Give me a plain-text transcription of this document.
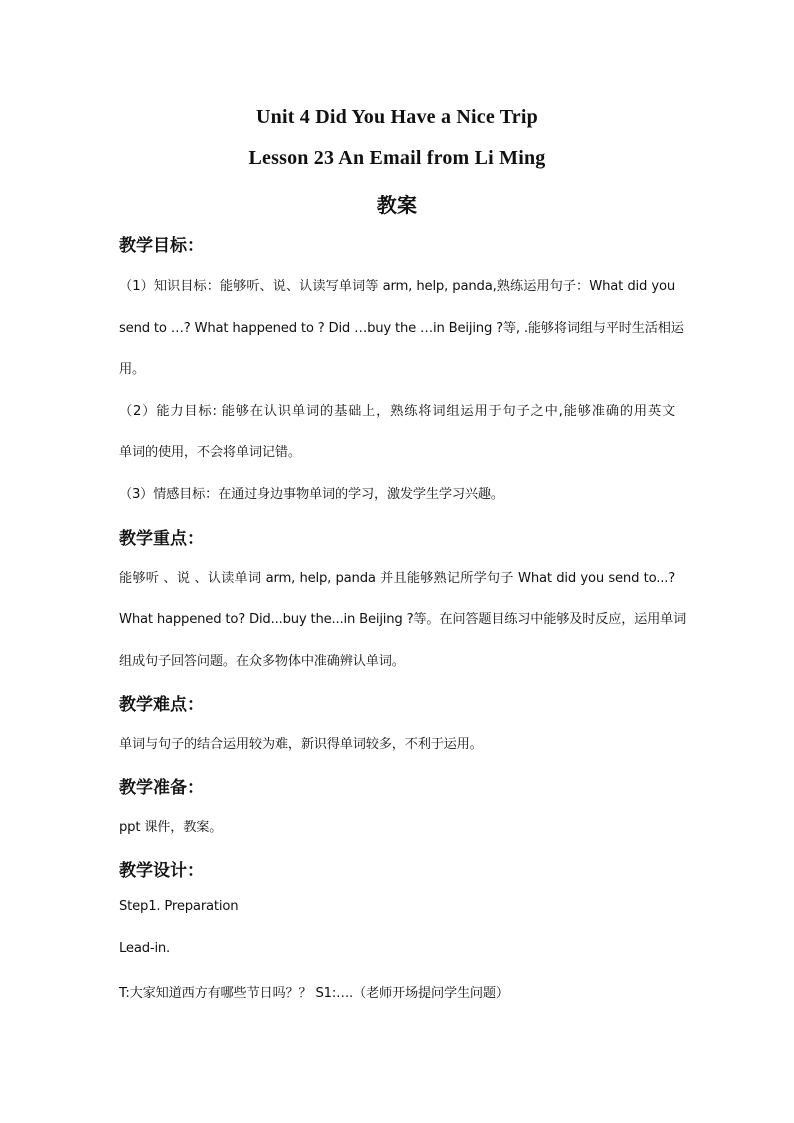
Unit 4 Did You Have a Nice Trip
Lesson 23 An Email from Li Ming
教案
教学目标：
（1）知识目标：能够听、说、认读写单词等 arm, help, panda,熟练运用句子：What did you
send to …? What happened to ? Did …buy the …in Beijing ?等, .能够将词组与平时生活相运
用。
（2）能力目标: 能够在认识单词的基础上，熟练将词组运用于句子之中,能够准确的用英文
单词的使用，不会将单词记错。
（3）情感目标：在通过身边事物单词的学习，激发学生学习兴趣。
教学重点：
能够听 、说 、认读单词 arm, help, panda 并且能够熟记所学句子 What did you send to...?
What happened to? Did...buy the...in Beijing ?等。在问答题目练习中能够及时反应，运用单词
组成句子回答问题。在众多物体中准确辨认单词。
教学难点：
单词与句子的结合运用较为难，新识得单词较多，不利于运用。
教学准备：
ppt 课件，教案。
教学设计：
Step1. Preparation
Lead-in.
T:大家知道西方有哪些节日吗？？ S1:….（老师开场提问学生问题）
